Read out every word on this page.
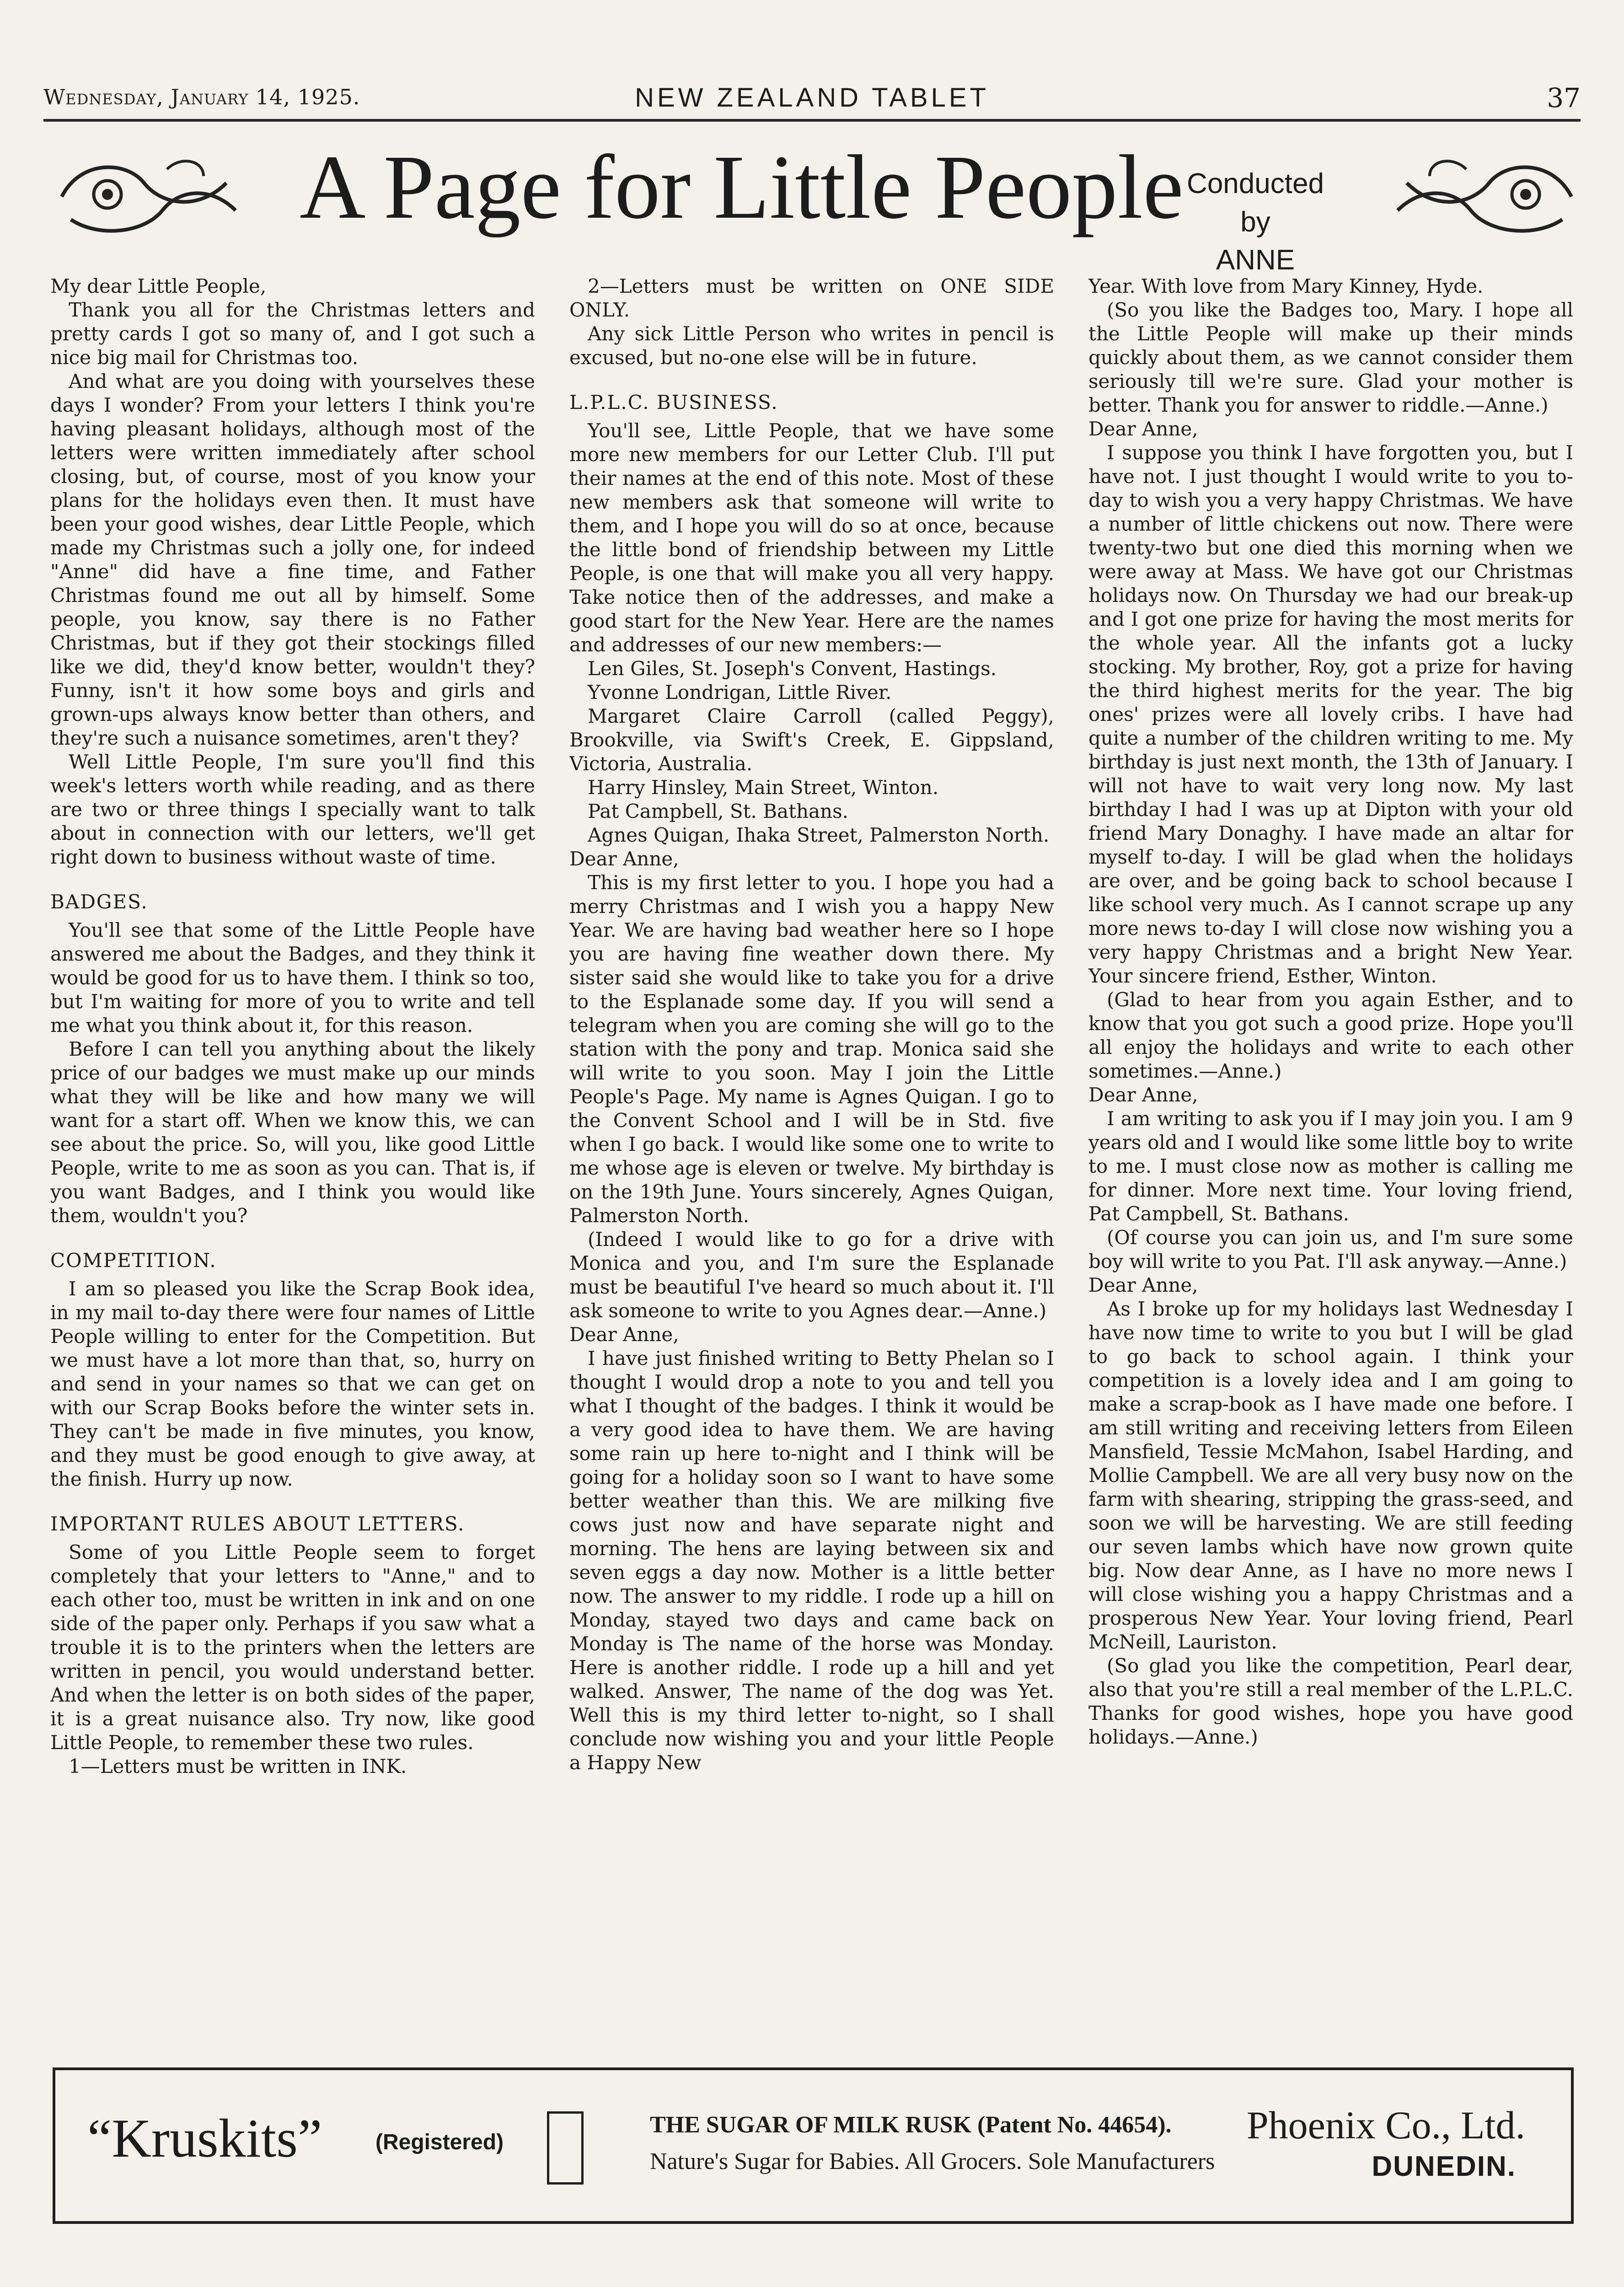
Wednesday, January 14, 1925.	NEW ZEALAND TABLET	37
A Page for Little People Conducted by
ANNE

My dear Little People,

Thank you all for the Christmas letters and pretty cards I got so many of, and I got such a nice big mail for Christmas too.

And what are you doing with yourselves these days I wonder? From your letters I think you're having pleasant holidays, although most of the letters were written immediately after school closing, but, of course, most of you know your plans for the holidays even then. It must have been your good wishes, dear Little People, which made my Christmas such a jolly one, for indeed "Anne" did have a fine time, and Father Christmas found me out all by himself. Some people, you know, say there is no Father Christmas, but if they got their stockings filled like we did, they'd know better, wouldn't they? Funny, isn't it how some boys and girls and grown-ups always know better than others, and they're such a nuisance sometimes, aren't they?

Well Little People, I'm sure you'll find this week's letters worth while reading, and as there are two or three things I specially want to talk about in connection with our letters, we'll get right down to business without waste of time.

BADGES.

You'll see that some of the Little People have answered me about the Badges, and they think it would be good for us to have them. I think so too, but I'm waiting for more of you to write and tell me what you think about it, for this reason.

Before I can tell you anything about the likely price of our badges we must make up our minds what they will be like and how many we will want for a start off. When we know this, we can see about the price. So, will you, like good Little People, write to me as soon as you can. That is, if you want Badges, and I think you would like them, wouldn't you?

COMPETITION.

I am so pleased you like the Scrap Book idea, in my mail to-day there were four names of Little People willing to enter for the Competition. But we must have a lot more than that, so, hurry on and send in your names so that we can get on with our Scrap Books before the winter sets in. They can't be made in five minutes, you know, and they must be good enough to give away, at the finish. Hurry up now.

IMPORTANT RULES ABOUT LETTERS.

Some of you Little People seem to forget completely that your letters to "Anne," and to each other too, must be written in ink and on one side of the paper only. Perhaps if you saw what a trouble it is to the printers when the letters are written in pencil, you would understand better. And when the letter is on both sides of the paper, it is a great nuisance also. Try now, like good Little People, to remember these two rules.

1—Letters must be written in INK.

2—Letters must be written on ONE SIDE ONLY.

Any sick Little Person who writes in pencil is excused, but no-one else will be in future.

L.P.L.C. BUSINESS.

You'll see, Little People, that we have some more new members for our Letter Club. I'll put their names at the end of this note. Most of these new members ask that someone will write to them, and I hope you will do so at once, because the little bond of friendship between my Little People, is one that will make you all very happy. Take notice then of the addresses, and make a good start for the New Year. Here are the names and addresses of our new members:—

Len Giles, St. Joseph's Convent, Hastings.

Yvonne Londrigan, Little River.

Margaret Claire Carroll (called Peggy), Brookville, via Swift's Creek, E. Gippsland, Victoria, Australia.

Harry Hinsley, Main Street, Winton.

Pat Campbell, St. Bathans.

Agnes Quigan, Ihaka Street, Palmerston North.

Dear Anne,

This is my first letter to you. I hope you had a merry Christmas and I wish you a happy New Year. We are having bad weather here so I hope you are having fine weather down there. My sister said she would like to take you for a drive to the Esplanade some day. If you will send a telegram when you are coming she will go to the station with the pony and trap. Monica said she will write to you soon. May I join the Little People's Page. My name is Agnes Quigan. I go to the Convent School and I will be in Std. five when I go back. I would like some one to write to me whose age is eleven or twelve. My birthday is on the 19th June. Yours sincerely, Agnes Quigan, Palmerston North.

(Indeed I would like to go for a drive with Monica and you, and I'm sure the Esplanade must be beautiful I've heard so much about it. I'll ask someone to write to you Agnes dear.—Anne.)

Dear Anne,

I have just finished writing to Betty Phelan so I thought I would drop a note to you and tell you what I thought of the badges. I think it would be a very good idea to have them. We are having some rain up here to-night and I think will be going for a holiday soon so I want to have some better weather than this. We are milking five cows just now and have separate night and morning. The hens are laying between six and seven eggs a day now. Mother is a little better now. The answer to my riddle. I rode up a hill on Monday, stayed two days and came back on Monday is The name of the horse was Monday. Here is another riddle. I rode up a hill and yet walked. Answer, The name of the dog was Yet. Well this is my third letter to-night, so I shall conclude now wishing you and your little People a Happy New

Year. With love from Mary Kinney, Hyde.

(So you like the Badges too, Mary. I hope all the Little People will make up their minds quickly about them, as we cannot consider them seriously till we're sure. Glad your mother is better. Thank you for answer to riddle.—Anne.)

Dear Anne,

I suppose you think I have forgotten you, but I have not. I just thought I would write to you to-day to wish you a very happy Christmas. We have a number of little chickens out now. There were twenty-two but one died this morning when we were away at Mass. We have got our Christmas holidays now. On Thursday we had our break-up and I got one prize for having the most merits for the whole year. All the infants got a lucky stocking. My brother, Roy, got a prize for having the third highest merits for the year. The big ones' prizes were all lovely cribs. I have had quite a number of the children writing to me. My birthday is just next month, the 13th of January. I will not have to wait very long now. My last birthday I had I was up at Dipton with your old friend Mary Donaghy. I have made an altar for myself to-day. I will be glad when the holidays are over, and be going back to school because I like school very much. As I cannot scrape up any more news to-day I will close now wishing you a very happy Christmas and a bright New Year. Your sincere friend, Esther, Winton.

(Glad to hear from you again Esther, and to know that you got such a good prize. Hope you'll all enjoy the holidays and write to each other sometimes.—Anne.)

Dear Anne,

I am writing to ask you if I may join you. I am 9 years old and I would like some little boy to write to me. I must close now as mother is calling me for dinner. More next time. Your loving friend, Pat Campbell, St. Bathans.

(Of course you can join us, and I'm sure some boy will write to you Pat. I'll ask anyway.—Anne.)

Dear Anne,

As I broke up for my holidays last Wednesday I have now time to write to you but I will be glad to go back to school again. I think your competition is a lovely idea and I am going to make a scrap-book as I have made one before. I am still writing and receiving letters from Eileen Mansfield, Tessie McMahon, Isabel Harding, and Mollie Campbell. We are all very busy now on the farm with shearing, stripping the grass-seed, and soon we will be harvesting. We are still feeding our seven lambs which have now grown quite big. Now dear Anne, as I have no more news I will close wishing you a happy Christmas and a prosperous New Year. Your loving friend, Pearl McNeill, Lauriston.

(So glad you like the competition, Pearl dear, also that you're still a real member of the L.P.L.C. Thanks for good wishes, hope you have good holidays.—Anne.)

“Kruskits” (Registered)
THE SUGAR OF MILK RUSK (Patent No. 44654).
Nature's Sugar for Babies. All Grocers. Sole Manufacturers
Phoenix Co., Ltd.
DUNEDIN.
